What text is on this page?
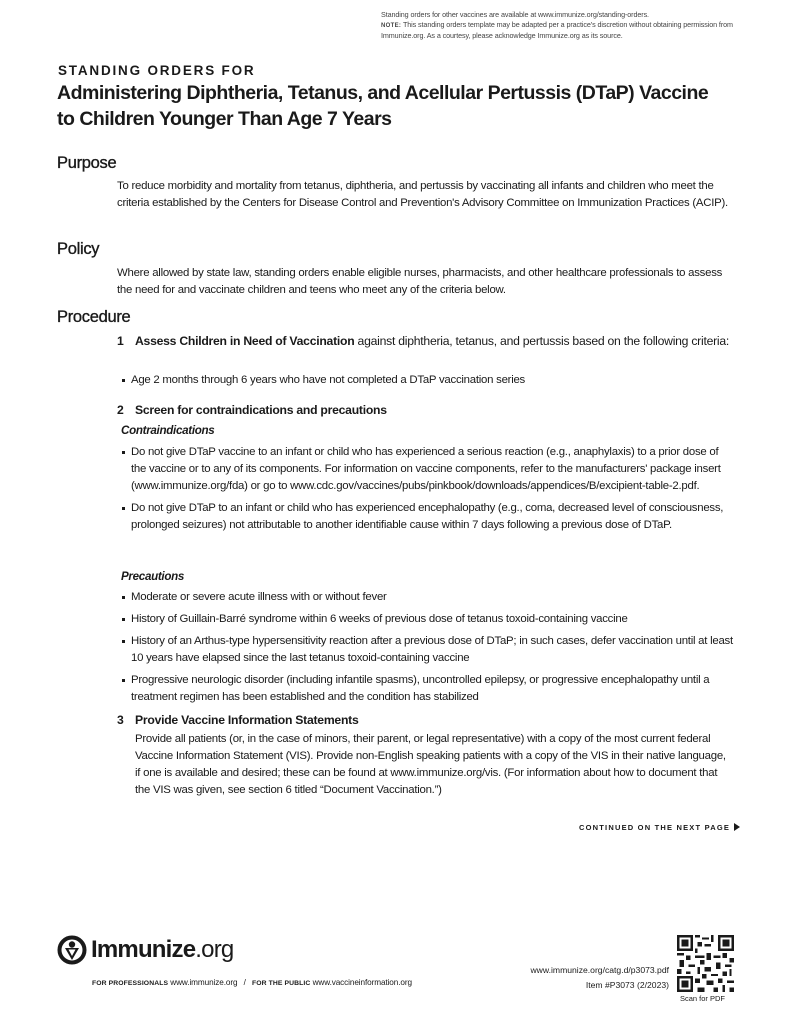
Standing orders for other vaccines are available at www.immunize.org/standing-orders.
NOTE: This standing orders template may be adapted per a practice's discretion without obtaining permission from Immunize.org. As a courtesy, please acknowledge Immunize.org as its source.
STANDING ORDERS FOR
Administering Diphtheria, Tetanus, and Acellular Pertussis (DTaP) Vaccine
to Children Younger Than Age 7 Years
Purpose
To reduce morbidity and mortality from tetanus, diphtheria, and pertussis by vaccinating all infants and children who meet the criteria established by the Centers for Disease Control and Prevention's Advisory Committee on Immunization Practices (ACIP).
Policy
Where allowed by state law, standing orders enable eligible nurses, pharmacists, and other healthcare professionals to assess the need for and vaccinate children and teens who meet any of the criteria below.
Procedure
1 Assess Children in Need of Vaccination against diphtheria, tetanus, and pertussis based on the following criteria:
Age 2 months through 6 years who have not completed a DTaP vaccination series
2 Screen for contraindications and precautions
Contraindications
Do not give DTaP vaccine to an infant or child who has experienced a serious reaction (e.g., anaphylaxis) to a prior dose of the vaccine or to any of its components. For information on vaccine components, refer to the manufacturers' package insert (www.immunize.org/fda) or go to www.cdc.gov/vaccines/pubs/pinkbook/downloads/appendices/B/excipient-table-2.pdf.
Do not give DTaP to an infant or child who has experienced encephalopathy (e.g., coma, decreased level of consciousness, prolonged seizures) not attributable to another identifiable cause within 7 days following a previous dose of DTaP.
Precautions
Moderate or severe acute illness with or without fever
History of Guillain-Barré syndrome within 6 weeks of previous dose of tetanus toxoid-containing vaccine
History of an Arthus-type hypersensitivity reaction after a previous dose of DTaP; in such cases, defer vaccination until at least 10 years have elapsed since the last tetanus toxoid-containing vaccine
Progressive neurologic disorder (including infantile spasms), uncontrolled epilepsy, or progressive encephalopathy until a treatment regimen has been established and the condition has stabilized
3 Provide Vaccine Information Statements
Provide all patients (or, in the case of minors, their parent, or legal representative) with a copy of the most current federal Vaccine Information Statement (VIS). Provide non-English speaking patients with a copy of the VIS in their native language, if one is available and desired; these can be found at www.immunize.org/vis. (For information about how to document that the VIS was given, see section 6 titled “Document Vaccination.”)
CONTINUED ON THE NEXT PAGE
Immunize.org
FOR PROFESSIONALS www.immunize.org / FOR THE PUBLIC www.vaccineinformation.org
www.immunize.org/catg.d/p3073.pdf
Item #P3073 (2/2023)
Scan for PDF
